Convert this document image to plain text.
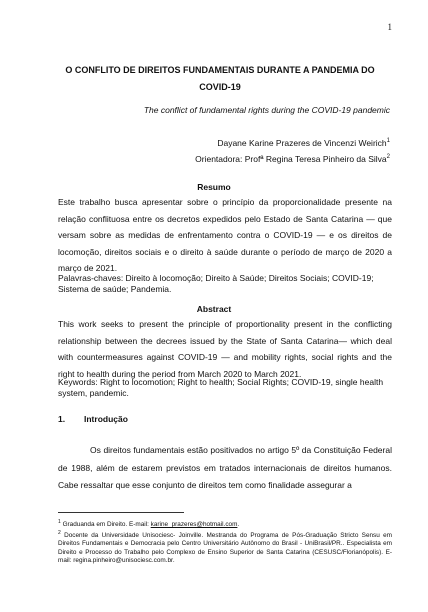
1
O CONFLITO DE DIREITOS FUNDAMENTAIS DURANTE A PANDEMIA DO COVID-19
The conflict of fundamental rights during the COVID-19 pandemic
Dayane Karine Prazeres de Vincenzi Weirich$^1$
Orientadora: Profª Regina Teresa Pinheiro da Silva$^2$
Resumo
Este trabalho busca apresentar sobre o princípio da proporcionalidade presente na relação conflituosa entre os decretos expedidos pelo Estado de Santa Catarina — que versam sobre as medidas de enfrentamento contra o COVID-19 — e os direitos de locomoção, direitos sociais e o direito à saúde durante o período de março de 2020 a março de 2021.
Palavras-chaves: Direito à locomoção; Direito à Saúde; Direitos Sociais; COVID-19; Sistema de saúde; Pandemia.
Abstract
This work seeks to present the principle of proportionality present in the conflicting relationship between the decrees issued by the State of Santa Catarina— which deal with countermeasures against COVID-19 — and mobility rights, social rights and the right to health during the period from March 2020 to March 2021.
Keywords: Right to locomotion; Right to health; Social Rights; COVID-19, single health system, pandemic.
1. Introdução
Os direitos fundamentais estão positivados no artigo 5º da Constituição Federal de 1988, além de estarem previstos em tratados internacionais de direitos humanos. Cabe ressaltar que esse conjunto de direitos tem como finalidade assegurar a
$^1$ Graduanda em Direito. E-mail: karine_prazeres@hotmail.com.
$^2$ Docente da Universidade Unisociesc- Joinville. Mestranda do Programa de Pós-Graduação Stricto Sensu em Direitos Fundamentais e Democracia pelo Centro Universitário Autônomo do Brasil - UniBrasil/PR.. Especialista em Direito e Processo do Trabalho pelo Complexo de Ensino Superior de Santa Catarina (CESUSC/Florianópolis). E-mail: regina.pinheiro@unisociesc.com.br.
